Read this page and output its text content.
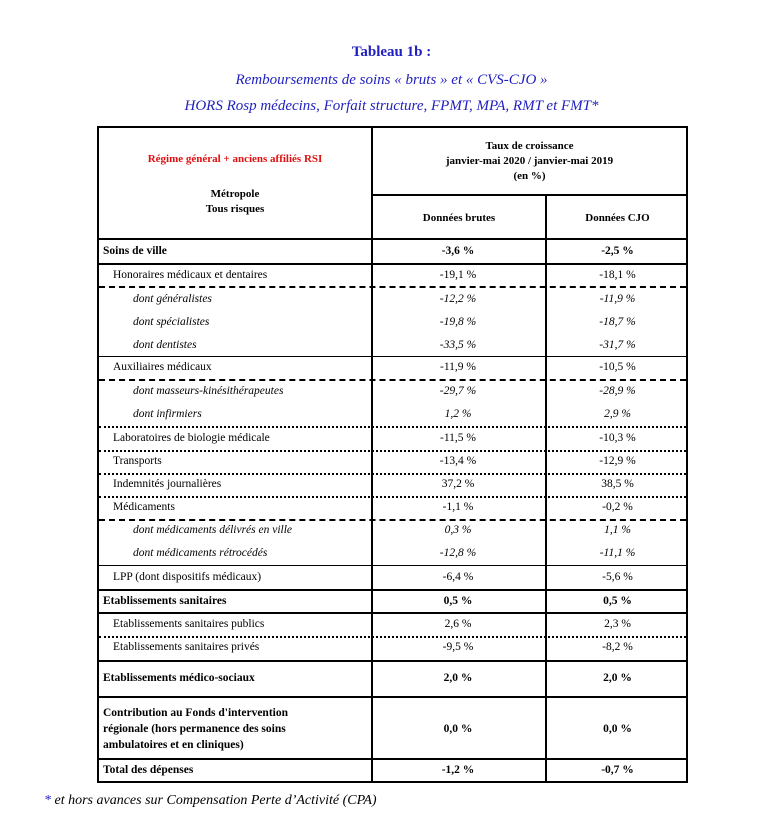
Tableau 1b :
Remboursements de soins « bruts » et « CVS-CJO »
HORS Rosp médecins, Forfait structure, FPMT, MPA, RMT et FMT*
Régime général + anciens affiliés RSI
Métropole
Tous risques
Taux de croissance
janvier-mai 2020 / janvier-mai 2019
(en %)
Données brutes	Données CJO
Soins de ville	-3,6 %	-2,5 %
Honoraires médicaux et dentaires	-19,1 %	-18,1 %
dont généralistes	-12,2 %	-11,9 %
dont spécialistes	-19,8 %	-18,7 %
dont dentistes	-33,5 %	-31,7 %
Auxiliaires médicaux	-11,9 %	-10,5 %
dont masseurs-kinésithérapeutes	-29,7 %	-28,9 %
dont infirmiers	1,2 %	2,9 %
Laboratoires de biologie médicale	-11,5 %	-10,3 %
Transports	-13,4 %	-12,9 %
Indemnités journalières	37,2 %	38,5 %
Médicaments	-1,1 %	-0,2 %
dont médicaments délivrés en ville	0,3 %	1,1 %
dont médicaments rétrocédés	-12,8 %	-11,1 %
LPP (dont dispositifs médicaux)	-6,4 %	-5,6 %
Etablissements sanitaires	0,5 %	0,5 %
Etablissements sanitaires publics	2,6 %	2,3 %
Etablissements sanitaires privés	-9,5 %	-8,2 %
Etablissements médico-sociaux	2,0 %	2,0 %
Contribution au Fonds d'intervention
régionale (hors permanence des soins
ambulatoires et en cliniques)
0,0 %	0,0 %
Total des dépenses	-1,2 %	-0,7 %
* et hors avances sur Compensation Perte d’Activité (CPA)
